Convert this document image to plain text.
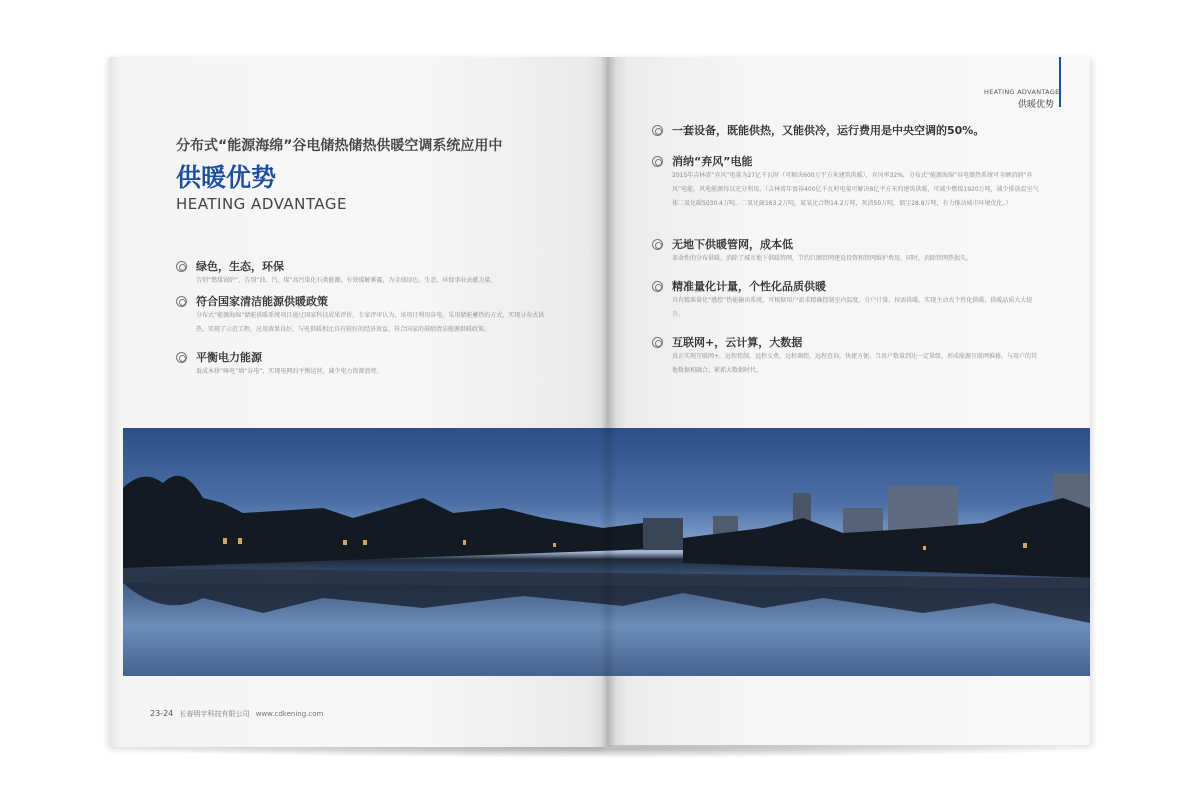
分布式“能源海绵”谷电储热储热供暖空调系统应用中
供暖优势
HEATING ADVANTAGE
绿色，生态，环保

告别“燃煤锅炉”，告别“油、汽、煤”高污染化石类能源，有效缓解雾霾，为全球绿色、生态、环保事业贡献力量。

符合国家清洁能源供暖政策

分布式“能源海绵”储能供暖系统项目通过国家科技成果评价，专家评审认为，该项目利用谷电，采用储能蓄热的方式，实现分布式供热，实现了示范工程，应用效果良好，与电供暖相比具有较好的经济效益，符合国家的鼓励清洁能源供暖政策。

平衡电力能源

低成本移“峰电”填“谷电”，实现电网的平衡运营，减少电力资源浪费。

HEATING ADVANTAGE
供暖优势
一套设备，既能供热，又能供冷，运行费用是中央空调的50%。
消纳“弃风”电能

2015年吉林省“弃风”电量为27亿千瓦时（可解决600万平方米建筑供暖），弃风率32%，分布式“能源海绵”谷电储热系统可全额消纳“弃风”电能，风电能源得以充分利用。（吉林省年富裕400亿千瓦时电量可解决8亿平方米的建筑供暖，可减少燃煤1920万吨，减少排放温室气体二氧化碳5030.4万吨，二氧化硫163.2万吨，氮氧化合物14.2万吨，灰渣50万吨，烟尘28.8万吨，有力推动城市环境优化。）

无地下供暖管网，成本低

革命性的分布供暖，消除了城市地下供暖管网，节约巨额管网建设投资和管网维护费用，同时，消除管网热损失。

精准量化计量，个性化品质供暖

具有精准量化“感控”热能输出系统，可根据用户需求精确控制室内温度，分户计量，按需供暖，实现主动式个性化供暖，供暖品质大大提升。

互联网+，云计算，大数据

真正实现互联网+，远程控制，远程交费，远程调控，远程查询，快捷方便。当用户数量到达一定量级，形成能源互联网推移，与用户的其他数据相融合，紧抓大数据时代。

23-24 长春明宇科技有限公司 www.cdkening.com
